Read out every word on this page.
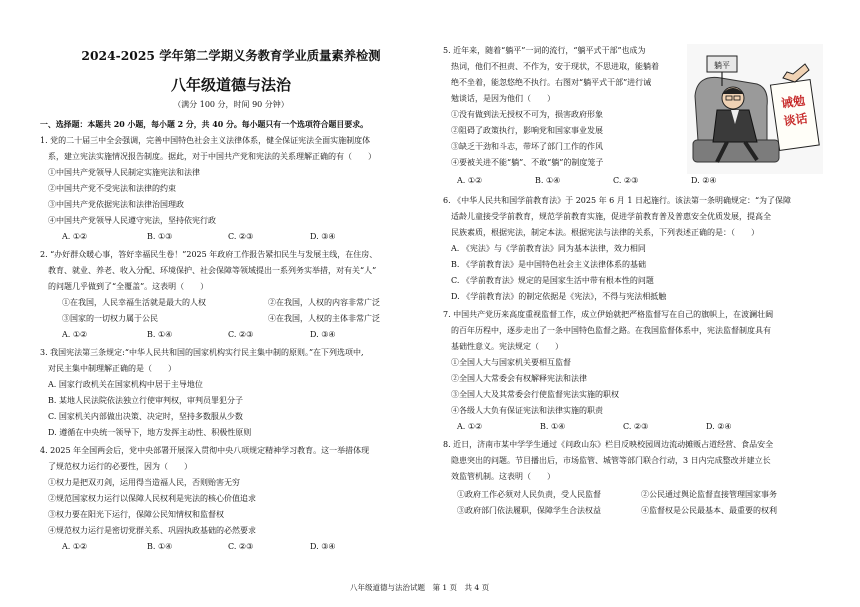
2024-2025 学年第二学期义务教育学业质量素养检测
八年级道德与法治
（满分 100 分，时间 90 分钟）
一、选择题：本题共 20 小题，每小题 2 分，共 40 分。每小题只有一个选项符合题目要求。
1. 党的二十届三中全会强调，完善中国特色社会主义法律体系，健全保证宪法全面实施制度体
系，建立宪法实施情况报告制度。据此，对于中国共产党和宪法的关系理解正确的有（　　）
①中国共产党领导人民制定实施宪法和法律
②中国共产党不受宪法和法律的约束
③中国共产党依据宪法和法律治国理政
④中国共产党领导人民遵守宪法，坚持依宪行政
A. ①②	B. ①③	C. ②③	D. ③④
2. “办好群众暖心事，答好幸福民生卷！”2025 年政府工作报告紧扣民生与发展主线，在住房、
教育、就业、养老、收入分配、环境保护、社会保障等领域提出一系列务实举措，对有关“人”
的问题几乎做到了“全覆盖”。这表明（　　）
①在我国，人民幸福生活就是最大的人权	②在我国，人权的内容非常广泛
③国家的一切权力属于公民	④在我国，人权的主体非常广泛
A. ①②	B. ①④	C. ②③	D. ③④
3. 我国宪法第三条规定:“中华人民共和国的国家机构实行民主集中制的原则。”在下列选项中,
对民主集中制理解正确的是（　　）
A. 国家行政机关在国家机构中居于主导地位
B. 某地人民法院依法独立行使审判权，审判员罪犯分子
C. 国家机关内部做出决策、决定时，坚持多数服从少数
D. 遵循在中央统一领导下，地方发挥主动性、积极性原则
4. 2025 年全国两会后，党中央部署开展深入贯彻中央八项规定精神学习教育。这一举措体现
了规范权力运行的必要性，因为（　　）
①权力是把双刃剑，运用得当造福人民，否则贻害无穷
②规范国家权力运行以保障人民权利是宪法的核心价值追求
③权力要在阳光下运行，保障公民知情权和监督权
④规范权力运行是密切党群关系、巩固执政基础的必然要求
A. ①②	B. ①④	C. ②③	D. ③④
5. 近年来，随着“躺平”一词的流行，“躺平式干部”也成为
热词，他们不担责、不作为，安于现状，不思进取，能躺着
绝不坐着，能忽悠绝不执行。右图对“躺平式干部”进行诫
勉谈话，是因为他们（　　）
①没有做到法无授权不可为，损害政府形象
②阻碍了政策执行，影响党和国家事业发展
③缺乏干劲和斗志，带坏了部门工作的作风
④要被关进不能“躺”、不敢“躺”的制度笼子
A. ①②	B. ①④	C. ②③	D. ②④
6. 《中华人民共和国学前教育法》于 2025 年 6 月 1 日起施行。该法第一条明确规定：“为了保障
适龄儿童接受学前教育，规范学前教育实施，促进学前教育普及普惠安全优质发展，提高全
民族素质，根据宪法，制定本法。根据宪法与法律的关系，下列表述正确的是：（　　）
A. 《宪法》与《学前教育法》同为基本法律，效力相同
B. 《学前教育法》是中国特色社会主义法律体系的基础
C. 《学前教育法》规定的是国家生活中带有根本性的问题
D. 《学前教育法》的制定依据是《宪法》，不得与宪法相抵触
7. 中国共产党历来高度重视监督工作，成立伊始就把严格监督写在自己的旗帜上，在波澜壮阔
的百年历程中，逐步走出了一条中国特色监督之路。在我国监督体系中，宪法监督制度具有
基础性意义。宪法规定（　　）
①全国人大与国家机关要相互监督
②全国人大常委会有权解释宪法和法律
③全国人大及其常委会行使监督宪法实施的职权
④各级人大负有保证宪法和法律实施的职责
A. ①②	B. ①④	C. ②③	D. ②④
8. 近日，济南市某中学学生通过《问政山东》栏目反映校园周边流动摊贩占道经营、食品安全
隐患突出的问题。节目播出后，市场监管、城管等部门联合行动，3 日内完成整改并建立长
效监管机制。这表明（　　）
①政府工作必须对人民负责，受人民监督	②公民通过舆论监督直接管理国家事务
③政府部门依法履职，保障学生合法权益	④监督权是公民最基本、最重要的权利
躺平
诫勉 谈话
八年级道德与法治试题　第 1 页　共 4 页
